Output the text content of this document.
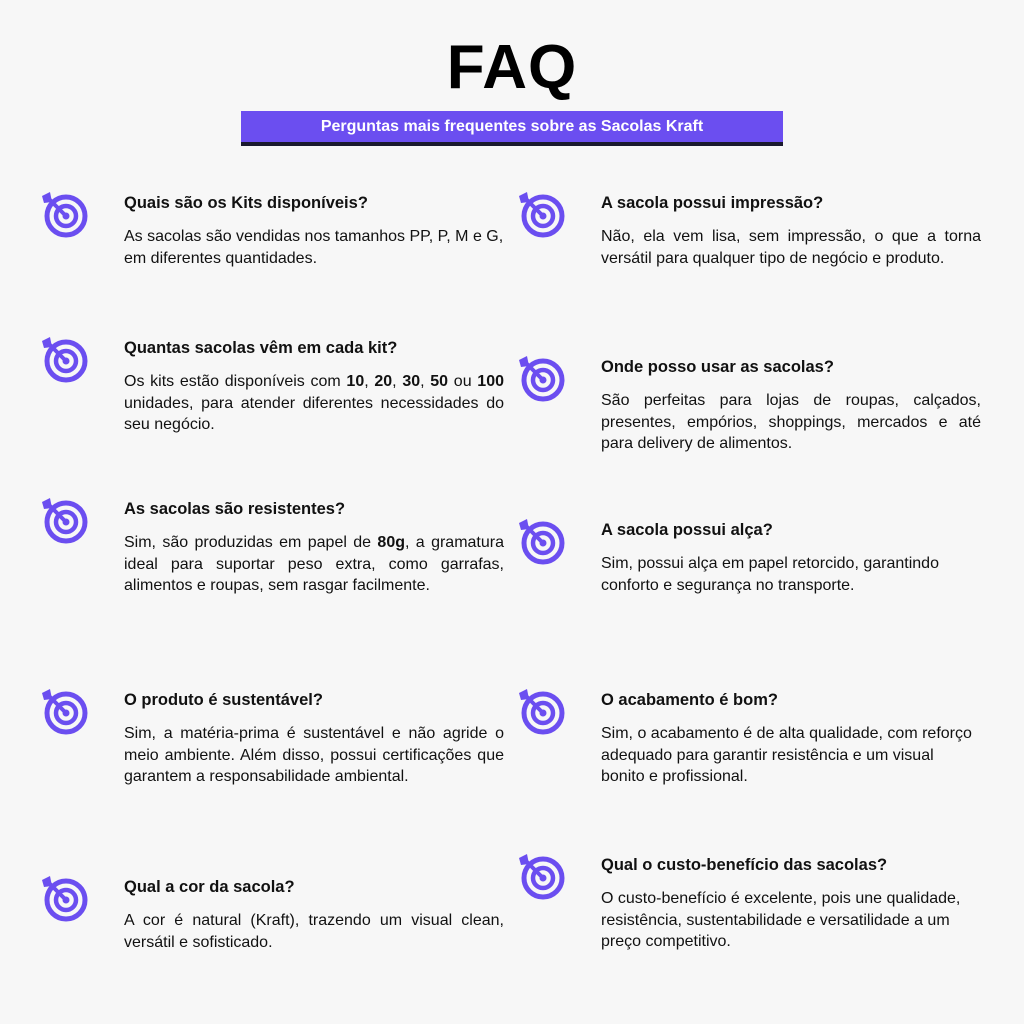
FAQ
Perguntas mais frequentes sobre as Sacolas Kraft
Quais são os Kits disponíveis?

As sacolas são vendidas nos tamanhos PP, P, M e G, em diferentes quantidades.

Quantas sacolas vêm em cada kit?

Os kits estão disponíveis com 10, 20, 30, 50 ou 100 unidades, para atender diferentes necessidades do seu negócio.

As sacolas são resistentes?

Sim, são produzidas em papel de 80g, a gramatura ideal para suportar peso extra, como garrafas, alimentos e roupas, sem rasgar facilmente.

O produto é sustentável?

Sim, a matéria-prima é sustentável e não agride o meio ambiente. Além disso, possui certificações que garantem a responsabilidade ambiental.

Qual a cor da sacola?

A cor é natural (Kraft), trazendo um visual clean, versátil e sofisticado.

A sacola possui impressão?

Não, ela vem lisa, sem impressão, o que a torna versátil para qualquer tipo de negócio e produto.

Onde posso usar as sacolas?

São perfeitas para lojas de roupas, calçados, presentes, empórios, shoppings, mercados e até para delivery de alimentos.

A sacola possui alça?

Sim, possui alça em papel retorcido, garantindo conforto e segurança no transporte.

O acabamento é bom?

Sim, o acabamento é de alta qualidade, com reforço adequado para garantir resistência e um visual bonito e profissional.

Qual o custo-benefício das sacolas?

O custo-benefício é excelente, pois une qualidade, resistência, sustentabilidade e versatilidade a um preço competitivo.
